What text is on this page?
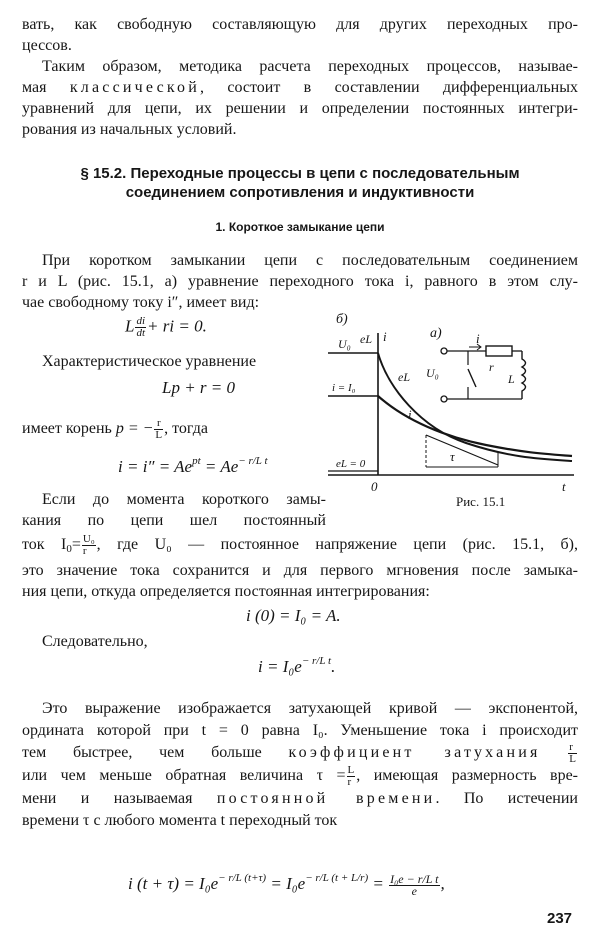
вать, как свободную составляющую для других переходных про-
цессов.
Таким образом, методика расчета переходных процессов, называе-
мая классической, состоит в составлении дифференциальных
уравнений для цепи, их решении и определении постоянных интегри-
рования из начальных условий.
§ 15.2. Переходные процессы в цепи с последовательным
соединением сопротивления и индуктивности
1. Короткое замыкание цепи
При коротком замыкании цепи с последовательным соединением
r и L (рис. 15.1, а) уравнение переходного тока i, равного в этом слу-
чае свободному току i″, имеет вид:
L $\frac{di}{dt}$ + ri = 0.
Характеристическое уравнение
Lp + r = 0
имеет корень p = − $\frac{r}{L}$ , тогда
$i = i'' = Ae^{pt} = Ae^{- r/L t}$
Если до момента короткого замы-
кания по цепи шел постоянный
ток $I_0= \frac{\text{U₀}}{r}$ , где U₀ — постоянное напряжение цепи (рис. 15.1, б),
это значение тока сохранится и для первого мгновения после замыка-
ния цепи, откуда определяется постоянная интегрирования:
i (0) = I₀ = A.
Следовательно,
$i = I_0e^{- r/L t}$.
Это выражение изображается затухающей кривой — экспонентой,
ордината которой при t = 0 равна I₀. Уменьшение тока i происходит
тем быстрее, чем больше коэффициент затухания	$\frac{r}{L}$
или чем меньше обратная величина $\tau = \frac{L}{r}$ , имеющая размерность вре-
мени и называемая постоянной времени. По истечении
времени τ с любого момента t переходный ток
i $(t + \tau) = I_0e^{- r/L (t+\tau)} = I_0e^{- r/L (t + L/r)} = \frac{\text{I₀e − r/L t}}{e}$ ,
237
б)
U₀ eL i
i = I₀
eL
i
τ
eL = 0
0	t
а)
U₀
i
L
r
Рис. 15.1
